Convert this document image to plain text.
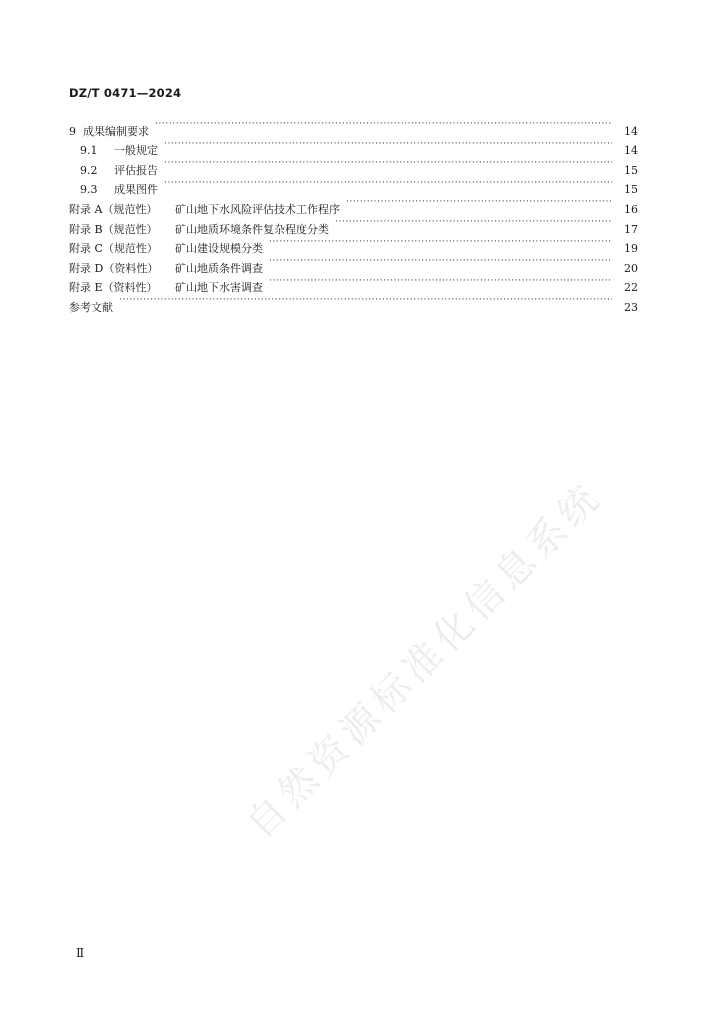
DZ/T 0471—2024
9 成果编制要求 ·····	14
9.1	一般规定 ·····	14
9.2	评估报告 ·····	15
9.3	成果图件 ·····	15
附录 A（规范性）	矿山地下水风险评估技术工作程序 ·····	16
附录 B（规范性）	矿山地质环境条件复杂程度分类 ·····	17
附录 C（规范性）	矿山建设规模分类 ·····	19
附录 D（资料性）	矿山地质条件调查 ·····	20
附录 E（资料性）	矿山地下水害调查 ·····	22
参考文献 ·····	23
自然资源标准化信息系统
Ⅱ
